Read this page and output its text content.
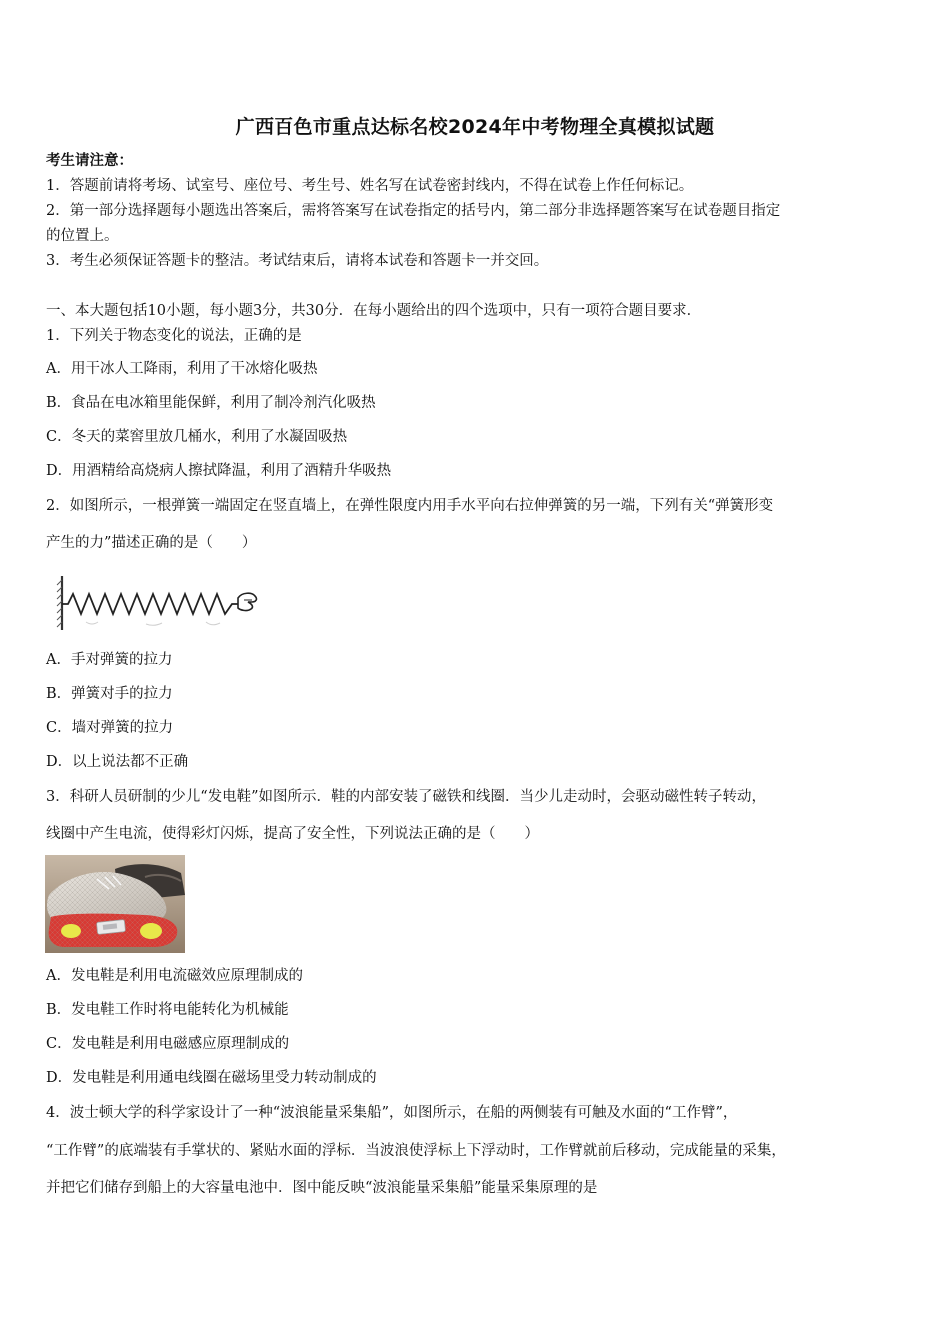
广西百色市重点达标名校2024年中考物理全真模拟试题
考生请注意：
1．答题前请将考场、试室号、座位号、考生号、姓名写在试卷密封线内，不得在试卷上作任何标记。
2．第一部分选择题每小题选出答案后，需将答案写在试卷指定的括号内，第二部分非选择题答案写在试卷题目指定
的位置上。
3．考生必须保证答题卡的整洁。考试结束后，请将本试卷和答题卡一并交回。
一、本大题包括10小题，每小题3分，共30分．在每小题给出的四个选项中，只有一项符合题目要求．
1．下列关于物态变化的说法，正确的是
A．用干冰人工降雨，利用了干冰熔化吸热
B．食品在电冰箱里能保鲜，利用了制冷剂汽化吸热
C．冬天的菜窖里放几桶水，利用了水凝固吸热
D．用酒精给高烧病人擦拭降温，利用了酒精升华吸热
2．如图所示，一根弹簧一端固定在竖直墙上，在弹性限度内用手水平向右拉伸弹簧的另一端，下列有关“弹簧形变
产生的力”描述正确的是（　　）
A．手对弹簧的拉力
B．弹簧对手的拉力
C．墙对弹簧的拉力
D．以上说法都不正确
3．科研人员研制的少儿“发电鞋”如图所示．鞋的内部安装了磁铁和线圈．当少儿走动时，会驱动磁性转子转动，
线圈中产生电流，使得彩灯闪烁，提高了安全性，下列说法正确的是（　　）
A．发电鞋是利用电流磁效应原理制成的
B．发电鞋工作时将电能转化为机械能
C．发电鞋是利用电磁感应原理制成的
D．发电鞋是利用通电线圈在磁场里受力转动制成的
4．波士顿大学的科学家设计了一种“波浪能量采集船”，如图所示，在船的两侧装有可触及水面的“工作臂”，
“工作臂”的底端装有手掌状的、紧贴水面的浮标．当波浪使浮标上下浮动时，工作臂就前后移动，完成能量的采集，
并把它们储存到船上的大容量电池中．图中能反映“波浪能量采集船”能量采集原理的是
